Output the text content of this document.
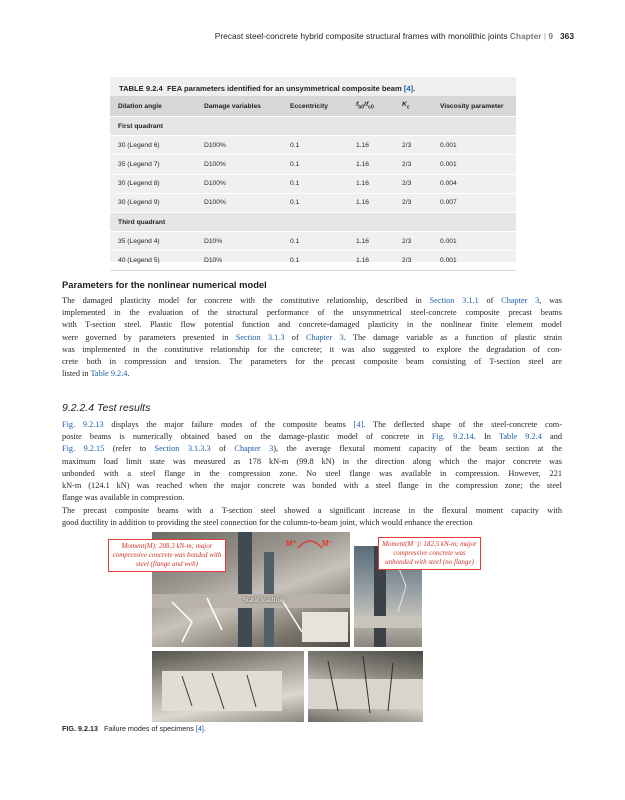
Precast steel-concrete hybrid composite structural frames with monolithic joints Chapter | 9 363
TABLE 9.2.4 FEA parameters identified for an unsymmetrical composite beam [4].
Dilation angle	Damage variables	Eccentricity	$f_{b0}/f_{c0}$	$K_c$	Viscosity parameter
First quadrant					
30 (Legend 6)	D100%	0.1	1.16	2/3	0.001
35 (Legend 7)	D100%	0.1	1.16	2/3	0.001
30 (Legend 8)	D100%	0.1	1.16	2/3	0.004
30 (Legend 9)	D100%	0.1	1.16	2/3	0.007
Third quadrant					
35 (Legend 4)	D10%	0.1	1.16	2/3	0.001
40 (Legend 5)	D10%	0.1	1.16	2/3	0.001
Parameters for the nonlinear numerical model
The damaged plasticity model for concrete with the constitutive relationship, described in Section 3.1.1 of Chapter 3, was
implemented in the evaluation of the structural performance of the unsymmetrical steel-concrete composite precast beams
with T-section steel. Plastic flow potential function and concrete-damaged plasticity in the nonlinear finite element model
were governed by parameters presented in Section 3.1.3 of Chapter 3. The damage variable as a function of plastic strain
was implemented in the constitutive relationship for the concrete; it was also suggested to explore the degradation of con-
crete both in compression and tension. The parameters for the precast composite beam consisting of T-section steel are
listed in Table 9.2.4.
9.2.2.4 Test results
Fig. 9.2.13 displays the major failure modes of the composite beams [4]. The deflected shape of the steel-concrete com-
posite beams is numerically obtained based on the damage-plastic model of concrete in Fig. 9.2.14. In Table 9.2.4 and
Fig. 9.2.15 (refer to Section 3.1.3.3 of Chapter 3), the average flexural moment capacity of the beam section at the
maximum load limit state was measured as 178 kN-m (99.8 kN) in the direction along which the major concrete was
unbonded with a steel flange in the compression zone. No steel flange was available in compression. However, 221
kN-m (124.1 kN) was reached when the major concrete was bonded with a steel flange in the compression zone; the steel
flange was available in compression.
The precast composite beams with a T-section steel showed a significant increase in the flexural moment capacity with
good ductility in addition to providing the steel connection for the column-to-beam joint, which would enhance the erection
Moment(M): 208.3 kN-m; major compressive concrete was bonded with steel (flange and web)
Moment(M⁻): 182.5 kN-m; major compressive concrete was unbonded with steel (no flange)
M⁺	M⁻
Static loadings
FIG. 9.2.13 Failure modes of specimens [4].
